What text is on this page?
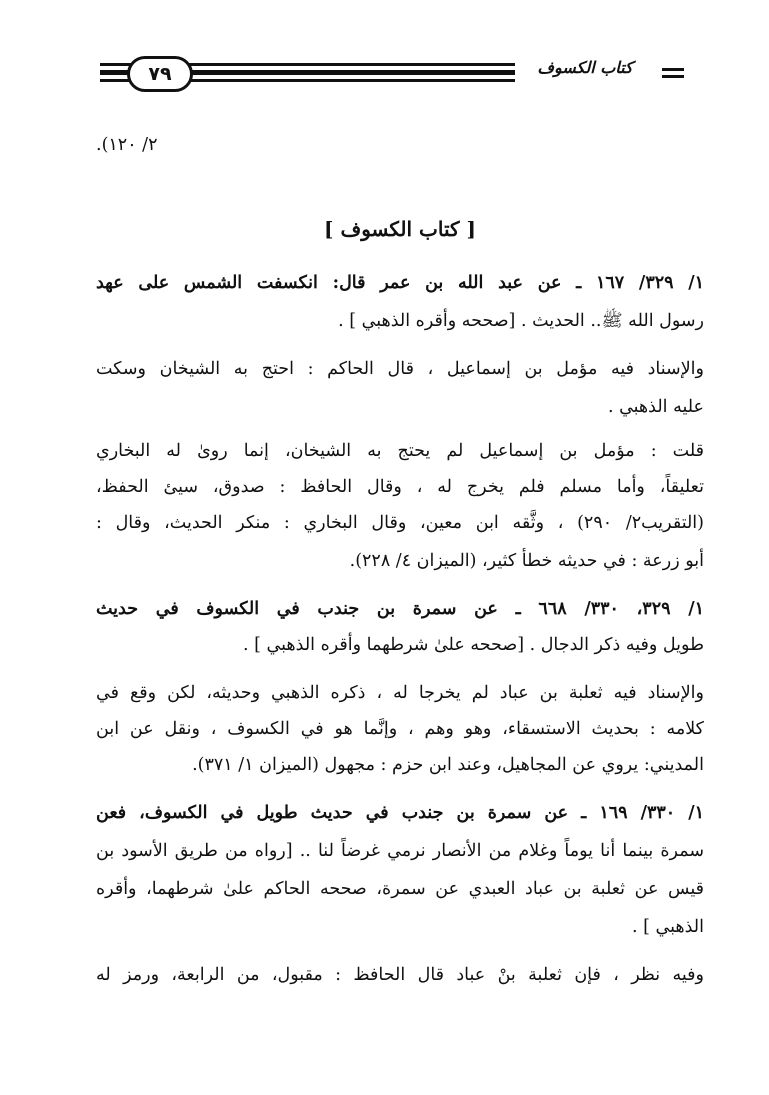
٧٩	كتاب الكسوف
٢/ ١٢٠).
[ كتاب الكسوف ]
١/ ٣٢٩/ ١٦٧ ـ عن عبد الله بن عمر قال: انكسفت الشمس على عهد
رسول الله ﷺ.. الحديث . [صححه وأقره الذهبي ] .
والإسناد فيه مؤمل بن إسماعيل ، قال الحاكم : احتج به الشيخان وسكت
عليه الذهبي .
قلت : مؤمل بن إسماعيل لم يحتج به الشيخان، إنما روىٰ له البخاري
تعليقاً، وأما مسلم فلم يخرج له ، وقال الحافظ : صدوق، سيئ الحفظ،
(التقريب٢/ ٢٩٠) ، وثَّقه ابن معين، وقال البخاري : منكر الحديث، وقال :
أبو زرعة : في حديثه خطأ كثير، (الميزان ٤/ ٢٢٨).
١/ ٣٢٩، ٣٣٠/ ٦٦٨ ـ عن سمرة بن جندب في الكسوف في حديث
طويل وفيه ذكر الدجال . [صححه علىٰ شرطهما وأقره الذهبي ] .
والإسناد فيه ثعلبة بن عباد لم يخرجا له ، ذكره الذهبي وحديثه، لكن وقع في
كلامه : بحديث الاستسقاء، وهو وهم ، وإنَّما هو في الكسوف ، ونقل عن ابن
المديني: يروي عن المجاهيل، وعند ابن حزم : مجهول (الميزان ١/ ٣٧١).
١/ ٣٣٠/ ١٦٩ ـ عن سمرة بن جندب في حديث طويل في الكسوف، فعن
سمرة بينما أنا يوماً وغلام من الأنصار نرمي غرضاً لنا .. [رواه من طريق الأسود بن
قيس عن ثعلبة بن عباد العبدي عن سمرة، صححه الحاكم علىٰ شرطهما، وأقره
الذهبي ] .
وفيه نظر ، فإن ثعلبة بنْ عباد قال الحافظ : مقبول، من الرابعة، ورمز له
